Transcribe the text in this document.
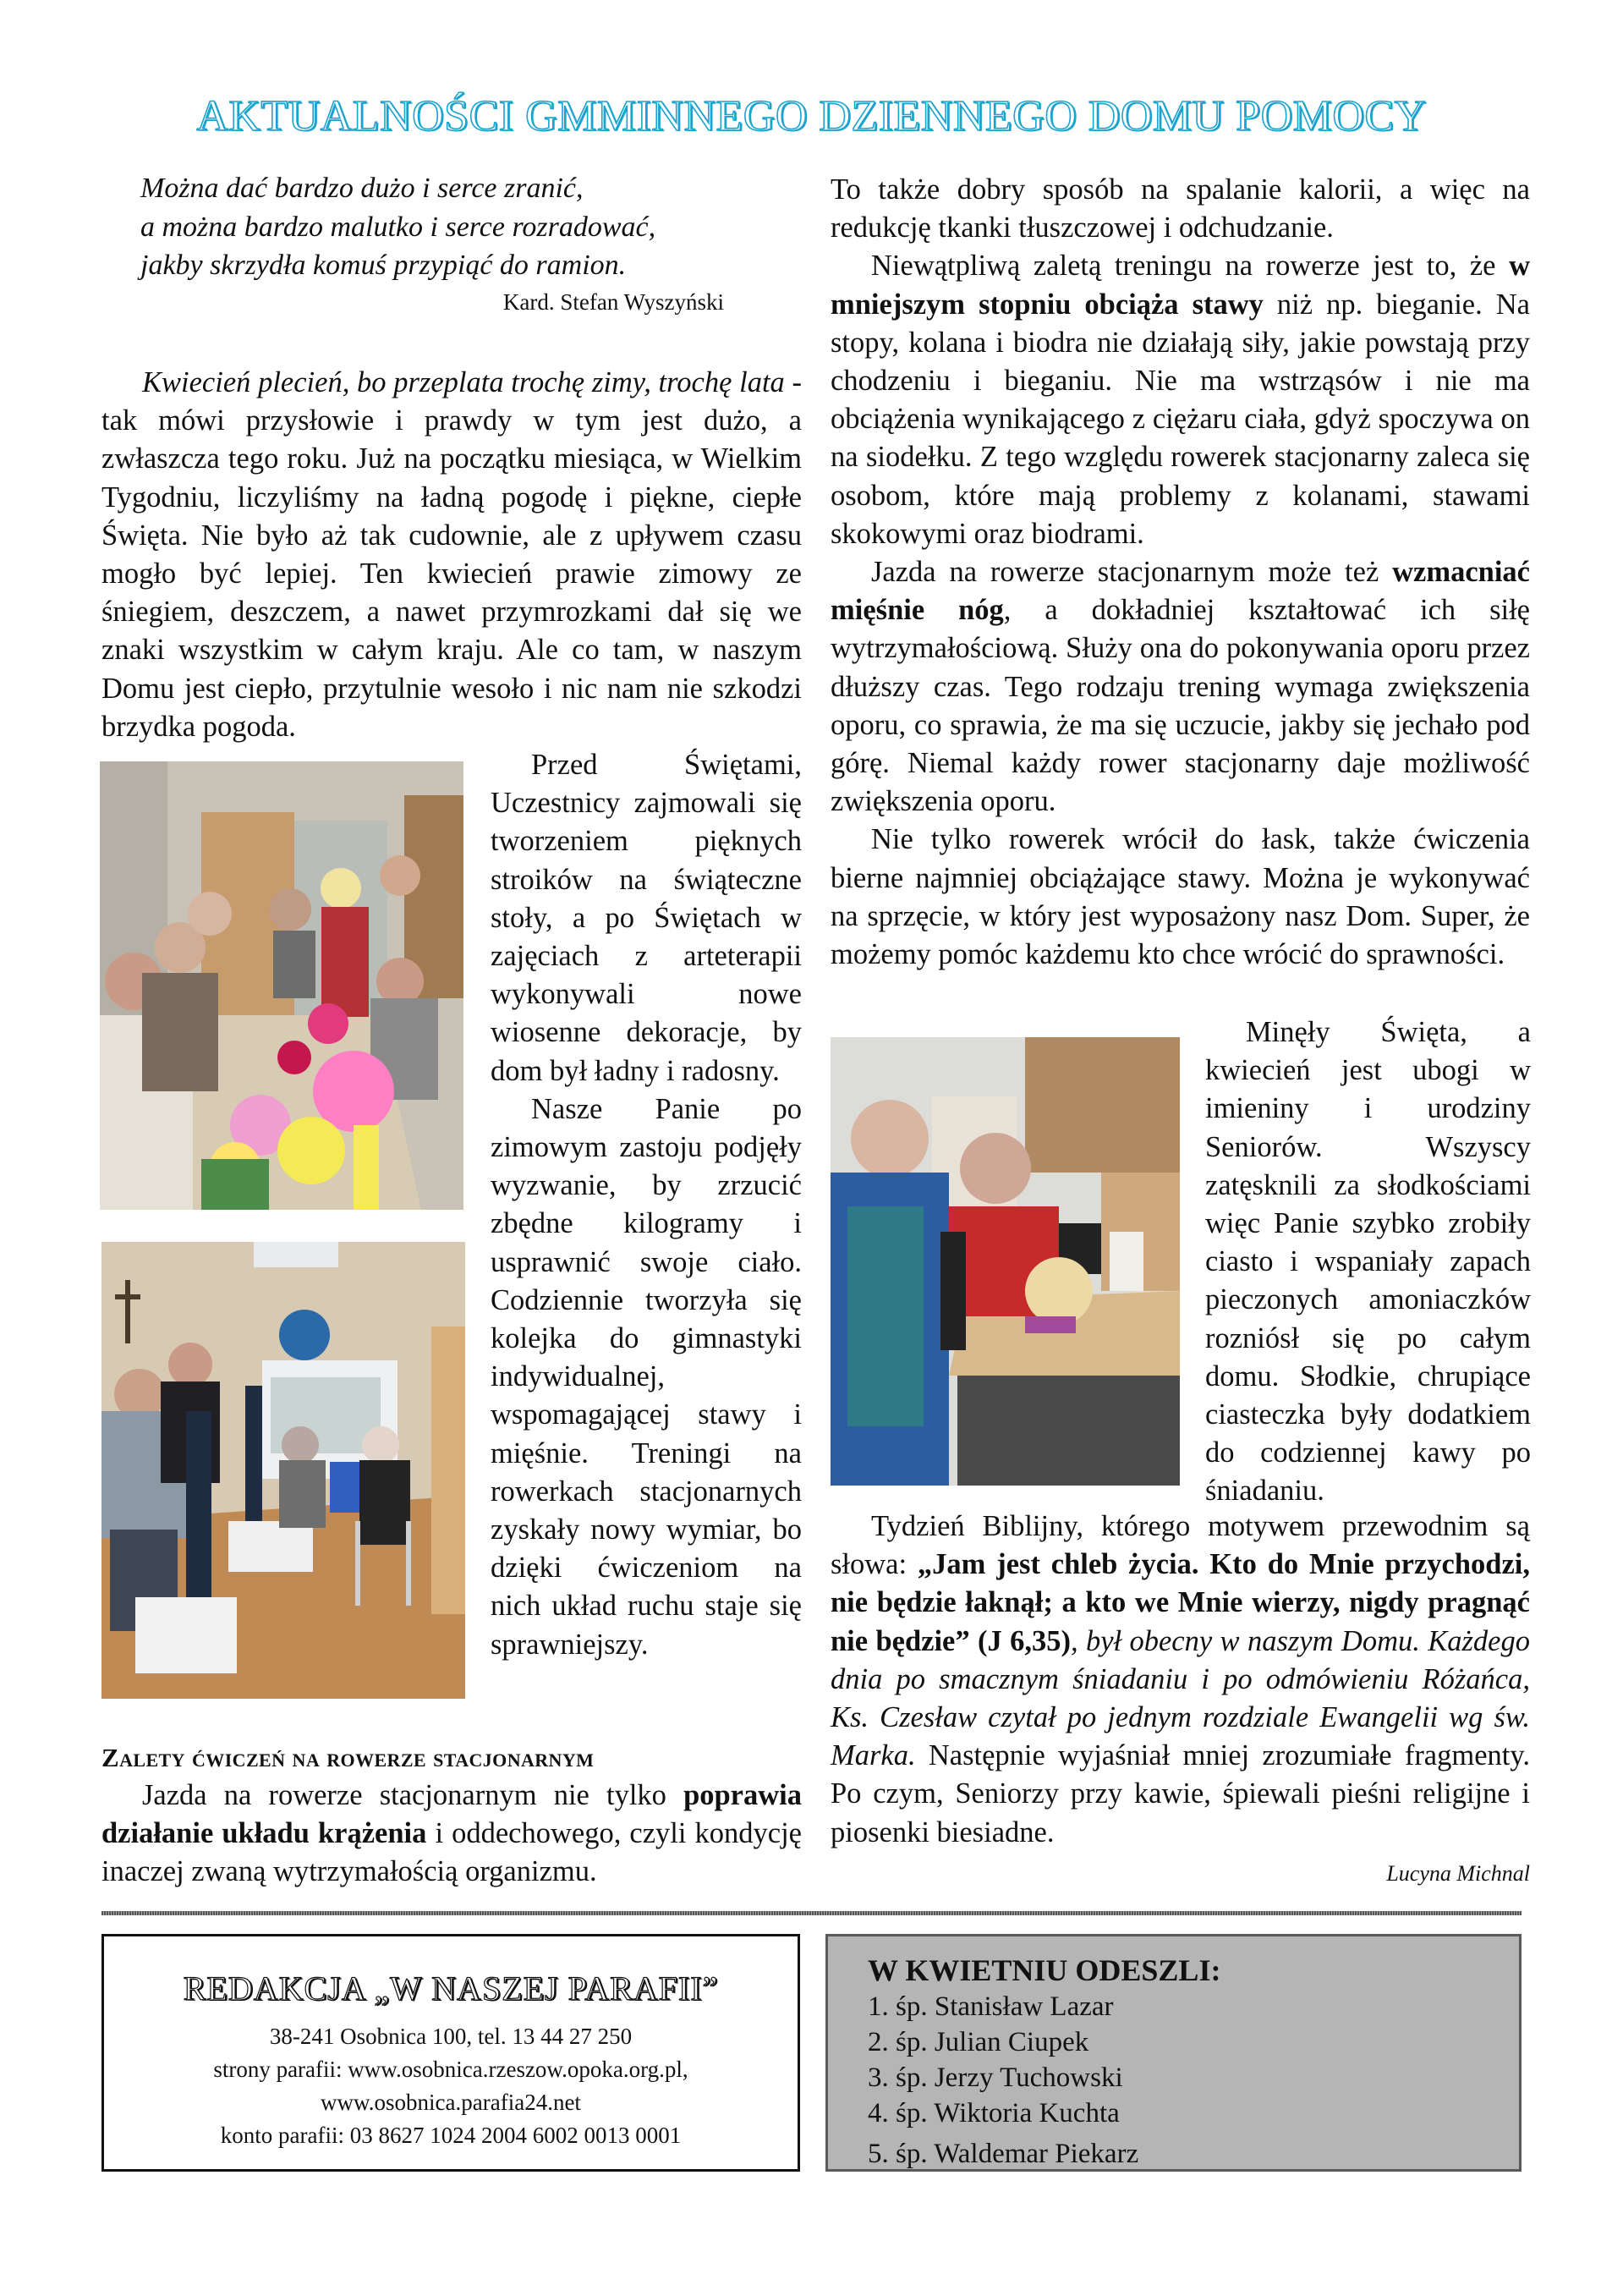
AKTUALNOŚCI GMMINNEGO DZIENNEGO DOMU POMOCY
Można dać bardzo dużo i serce zranić,
a można bardzo malutko i serce rozradować,
jakby skrzydła komuś przypiąć do ramion.
Kard. Stefan Wyszyński

Kwiecień plecień, bo przeplata trochę zimy, trochę lata - tak mówi przysłowie i prawdy w tym jest dużo, a zwłaszcza tego roku. Już na początku miesiąca, w Wielkim Tygodniu, liczyliśmy na ładną pogodę i piękne, ciepłe Święta. Nie było aż tak cudownie, ale z upływem czasu mogło być lepiej. Ten kwiecień prawie zimowy ze śniegiem, deszczem, a nawet przymrozkami dał się we znaki wszystkim w całym kraju. Ale co tam, w naszym Domu jest ciepło, przytulnie wesoło i nic nam nie szkodzi brzydka pogoda.

Przed Świętami, Uczestnicy zajmowali się tworzeniem pięknych stroików na świąteczne stoły, a po Świętach w zajęciach z arteterapii wykonywali nowe wiosenne dekoracje, by dom był ładny i radosny.

Nasze Panie po zimowym zastoju podjęły wyzwanie, by zrzucić zbędne kilogramy i usprawnić swoje ciało. Codziennie tworzyła się kolejka do gimnastyki indywidualnej, wspomagającej stawy i mięśnie. Treningi na rowerkach stacjonarnych zyskały nowy wymiar, bo dzięki ćwiczeniom na nich układ ruchu staje się sprawniejszy.

Zalety ćwiczeń na rowerze stacjonarnym

Jazda na rowerze stacjonarnym nie tylko poprawia działanie układu krążenia i oddechowego, czyli kondycję inaczej zwaną wytrzymałością organizmu.

To także dobry sposób na spalanie kalorii, a więc na redukcję tkanki tłuszczowej i odchudzanie.

Niewątpliwą zaletą treningu na rowerze jest to, że w mniejszym stopniu obciąża stawy niż np. bieganie. Na stopy, kolana i biodra nie działają siły, jakie powstają przy chodzeniu i bieganiu. Nie ma wstrząsów i nie ma obciążenia wynikającego z ciężaru ciała, gdyż spoczywa on na siodełku. Z tego względu rowerek stacjonarny zaleca się osobom, które mają problemy z kolanami, stawami skokowymi oraz biodrami.

Jazda na rowerze stacjonarnym może też wzmacniać mięśnie nóg, a dokładniej kształtować ich siłę wytrzymałościową. Służy ona do pokonywania oporu przez dłuższy czas. Tego rodzaju trening wymaga zwiększenia oporu, co sprawia, że ma się uczucie, jakby się jechało pod górę. Niemal każdy rower stacjonarny daje możliwość zwiększenia oporu.

Nie tylko rowerek wrócił do łask, także ćwiczenia bierne najmniej obciążające stawy. Można je wykonywać na sprzęcie, w który jest wyposażony nasz Dom. Super, że możemy pomóc każdemu kto chce wrócić do sprawności.

Minęły Święta, a kwiecień jest ubogi w imieniny i urodziny Seniorów. Wszyscy zatęsknili za słodkościami więc Panie szybko zrobiły ciasto i wspaniały zapach pieczonych amoniaczków rozniósł się po całym domu. Słodkie, chrupiące ciasteczka były dodatkiem do codziennej kawy po śniadaniu.

Tydzień Biblijny, którego motywem przewodnim są słowa: „Jam jest chleb życia. Kto do Mnie przychodzi, nie będzie łaknął; a kto we Mnie wierzy, nigdy pragnąć nie będzie” (J 6,35), był obecny w naszym Domu. Każdego dnia po smacznym śniadaniu i po odmówieniu Różańca, Ks. Czesław czytał po jednym rozdziale Ewangelii wg św. Marka. Następnie wyjaśniał mniej zrozumiałe fragmenty. Po czym, Seniorzy przy kawie, śpiewali pieśni religijne i piosenki biesiadne.

Lucyna Michnal
REDAKCJA „W NASZEJ PARAFII”
38-241 Osobnica 100, tel. 13 44 27 250
strony parafii: www.osobnica.rzeszow.opoka.org.pl,
www.osobnica.parafia24.net
konto parafii: 03 8627 1024 2004 6002 0013 0001
W KWIETNIU ODESZLI:
1. śp. Stanisław Lazar
2. śp. Julian Ciupek
3. śp. Jerzy Tuchowski
4. śp. Wiktoria Kuchta
5. śp. Waldemar Piekarz
